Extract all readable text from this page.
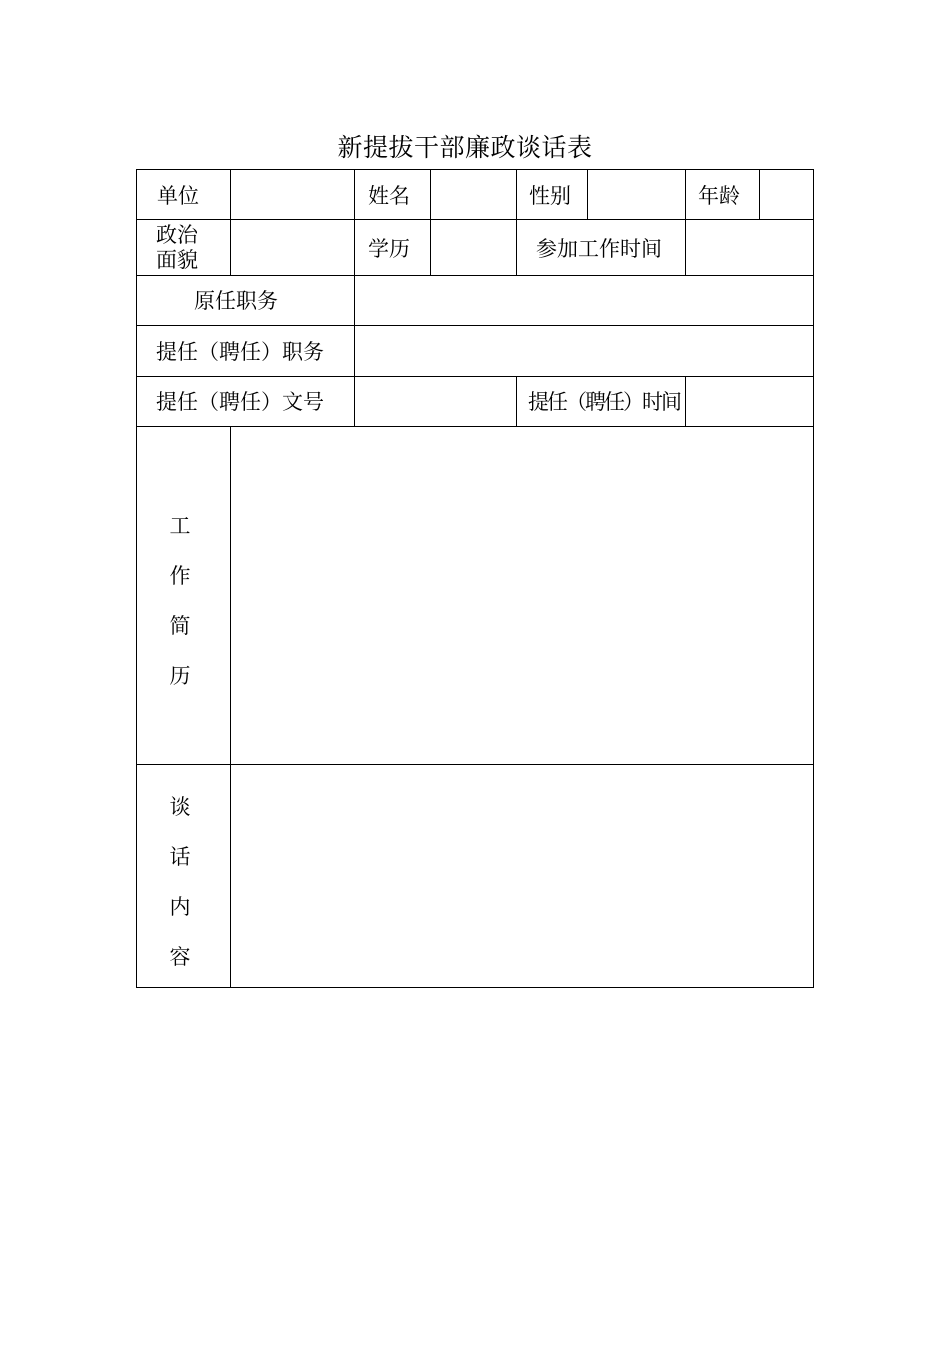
新提拔干部廉政谈话表
单位	姓名	性别	年龄
政治
面貌	学历	参加工作时间
原任职务
提任（聘任）职务
提任（聘任）文号	提任（聘任）时间
工
作
简
历
谈
话
内
容
